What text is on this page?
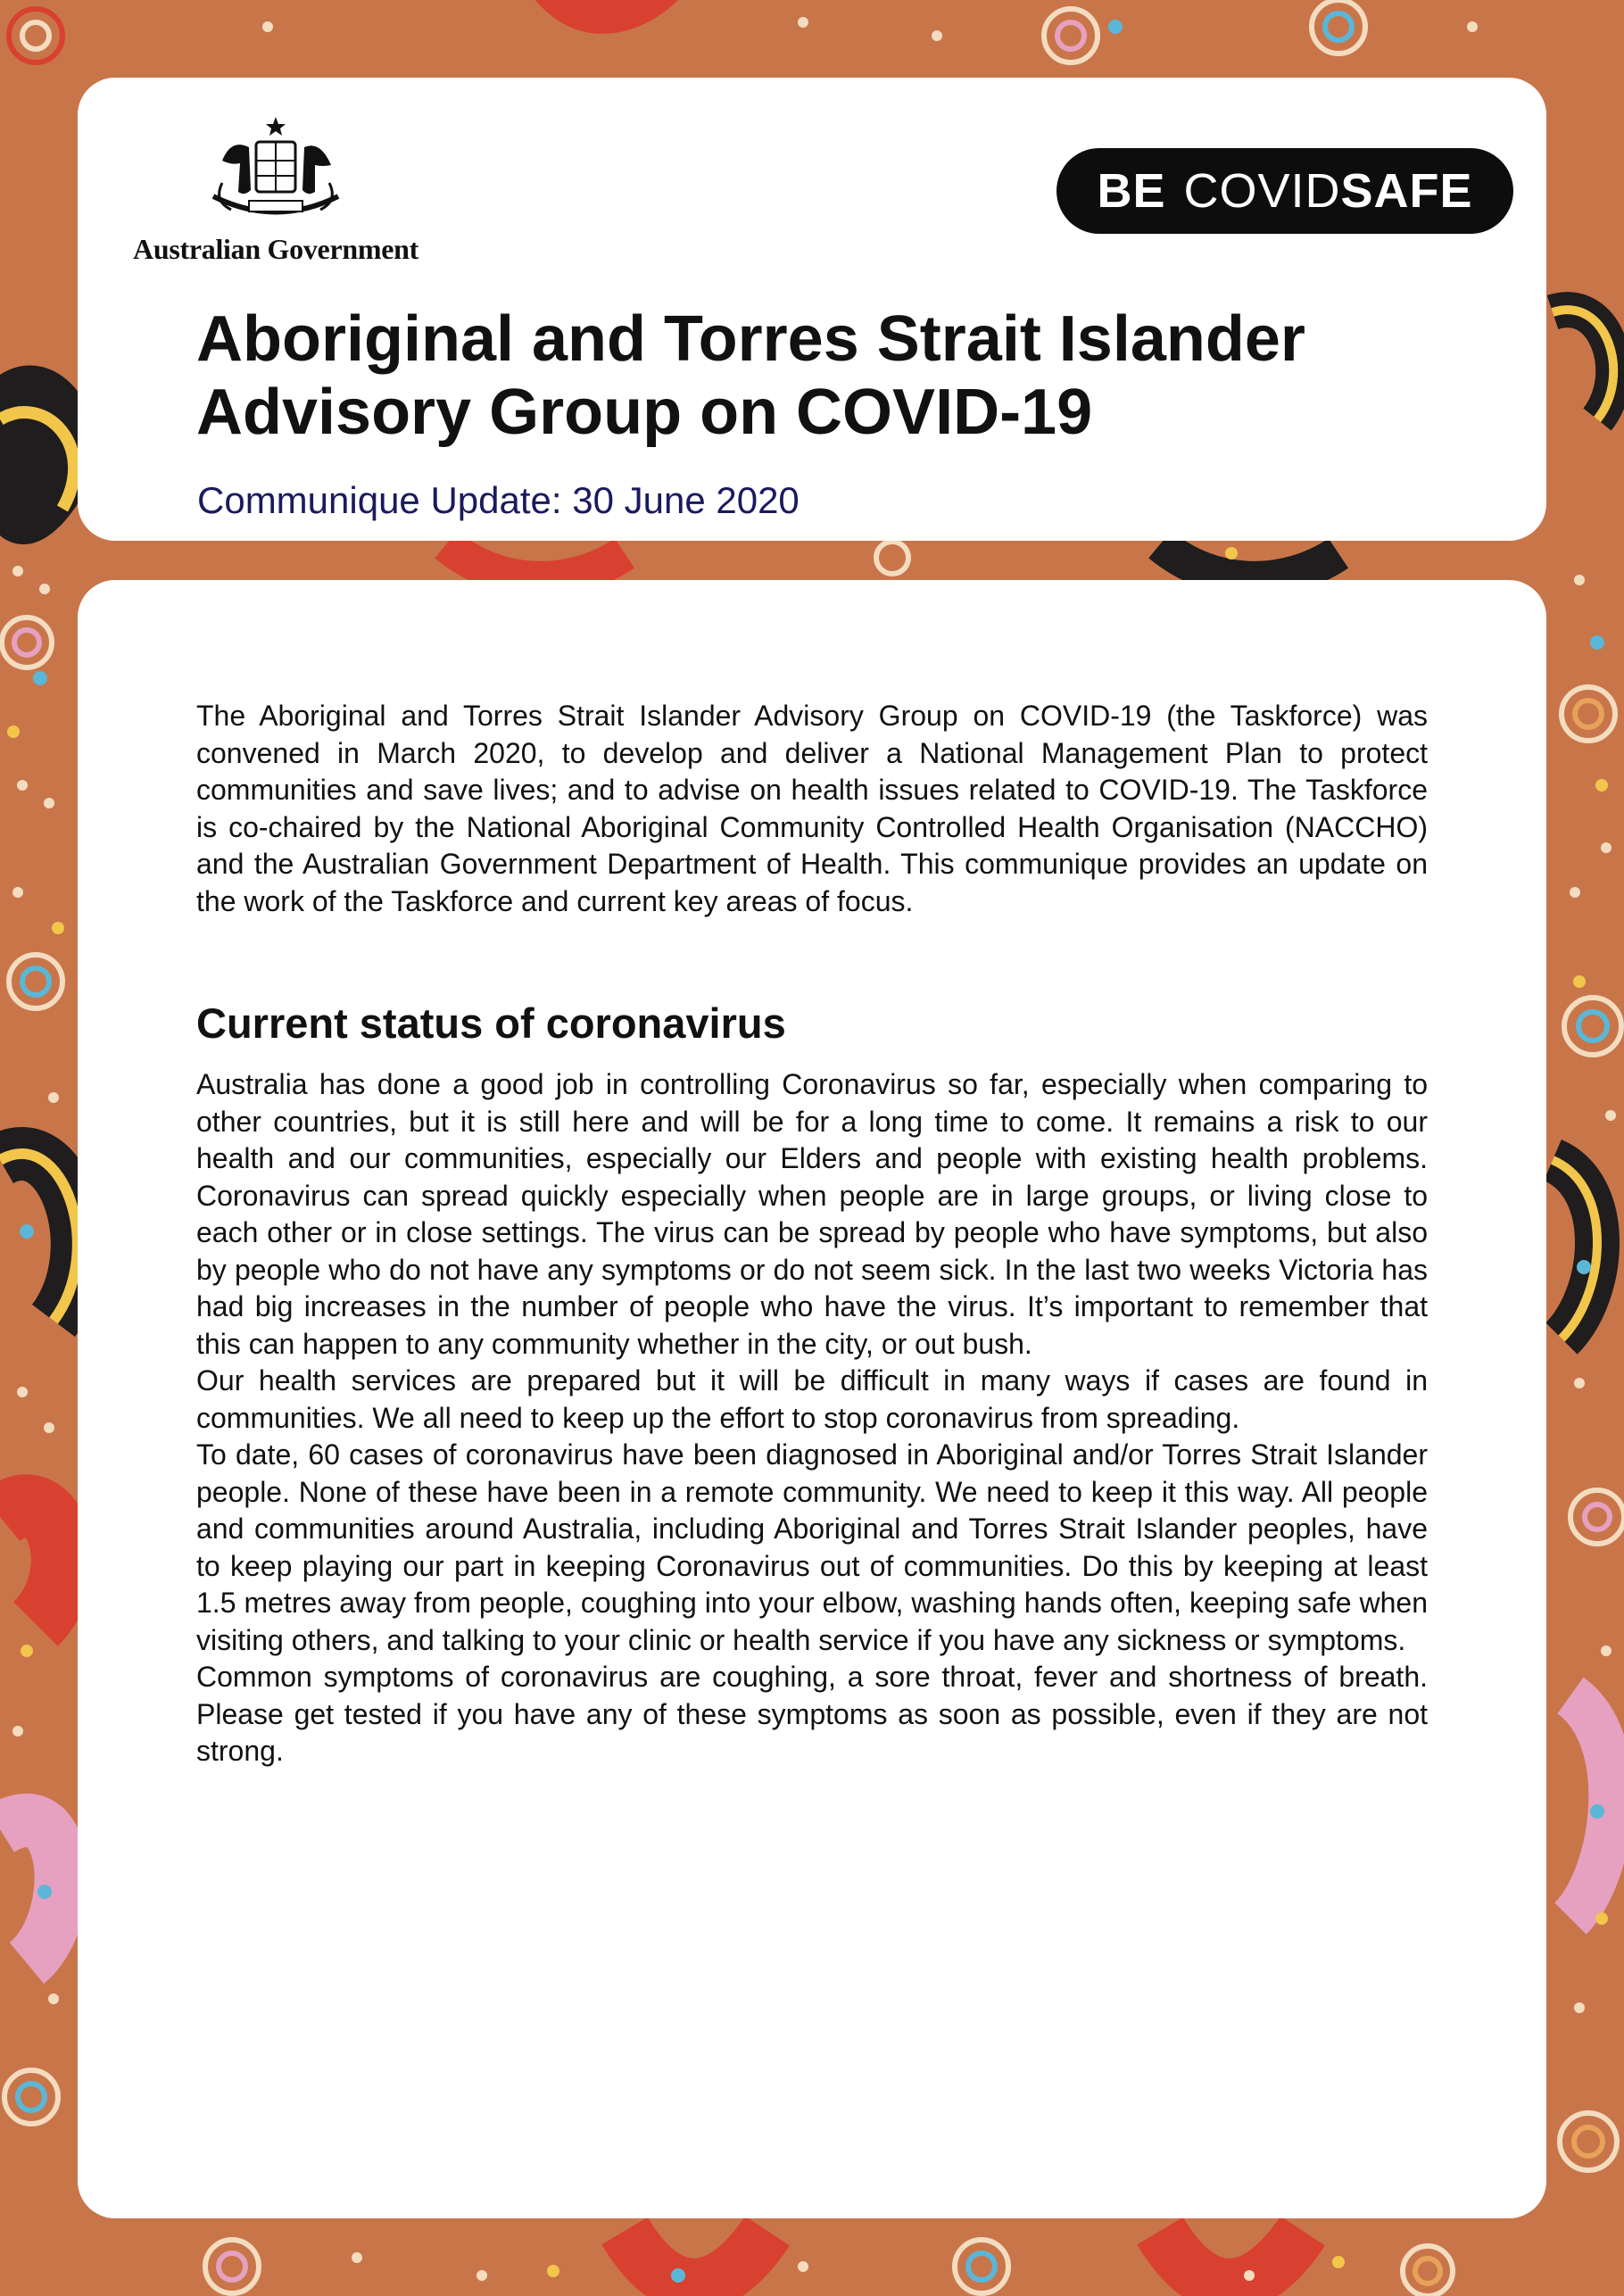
Australian Government
BE COVID SAFE
Aboriginal and Torres Strait Islander
Advisory Group on COVID-19
Communique Update: 30 June 2020

The Aboriginal and Torres Strait Islander Advisory Group on COVID-19 (the Taskforce) was convened in March 2020, to develop and deliver a National Management Plan to protect communities and save lives; and to advise on health issues related to COVID-19. The Taskforce is co-chaired by the National Aboriginal Community Controlled Health Organisation (NACCHO) and the Australian Government Department of Health. This communique provides an update on the work of the Taskforce and current key areas of focus.

Current status of coronavirus

Australia has done a good job in controlling Coronavirus so far, especially when comparing to other countries, but it is still here and will be for a long time to come. It remains a risk to our health and our communities, especially our Elders and people with existing health problems. Coronavirus can spread quickly especially when people are in large groups, or living close to each other or in close settings. The virus can be spread by people who have symptoms, but also by people who do not have any symptoms or do not seem sick. In the last two weeks Victoria has had big increases in the number of people who have the virus. It’s important to remember that this can happen to any community whether in the city, or out bush.

Our health services are prepared but it will be difficult in many ways if cases are found in communities. We all need to keep up the effort to stop coronavirus from spreading.

To date, 60 cases of coronavirus have been diagnosed in Aboriginal and/or Torres Strait Islander people. None of these have been in a remote community. We need to keep it this way. All people and communities around Australia, including Aboriginal and Torres Strait Islander peoples, have to keep playing our part in keeping Coronavirus out of communities. Do this by keeping at least 1.5 metres away from people, coughing into your elbow, washing hands often, keeping safe when visiting others, and talking to your clinic or health service if you have any sickness or symptoms.

Common symptoms of coronavirus are coughing, a sore throat, fever and shortness of breath. Please get tested if you have any of these symptoms as soon as possible, even if they are not strong.
